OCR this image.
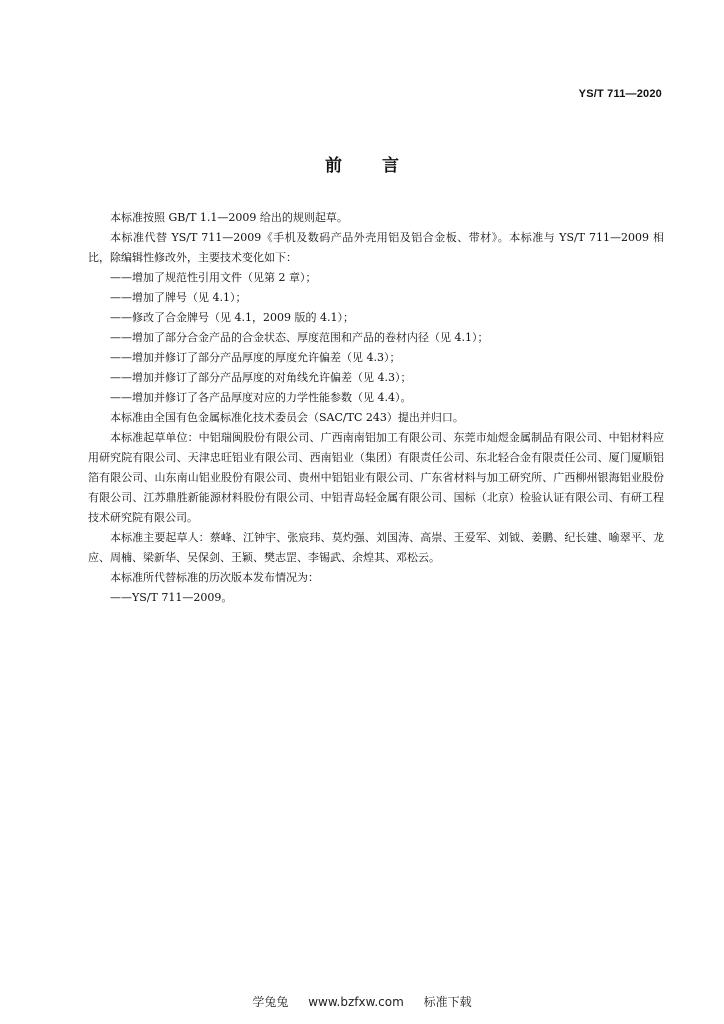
YS/T 711—2020
前言

本标准按照 GB/T 1.1—2009 给出的规则起草。

本标准代替 YS/T 711—2009《手机及数码产品外壳用铝及铝合金板、带材》。本标准与 YS/T 711—2009 相比，除编辑性修改外，主要技术变化如下：

——增加了规范性引用文件（见第 2 章）；

——增加了牌号（见 4.1）；

——修改了合金牌号（见 4.1，2009 版的 4.1）；

——增加了部分合金产品的合金状态、厚度范围和产品的卷材内径（见 4.1）；

——增加并修订了部分产品厚度的厚度允许偏差（见 4.3）；

——增加并修订了部分产品厚度的对角线允许偏差（见 4.3）；

——增加并修订了各产品厚度对应的力学性能参数（见 4.4）。

本标准由全国有色金属标准化技术委员会（SAC/TC 243）提出并归口。

本标准起草单位：中铝瑞闽股份有限公司、广西南南铝加工有限公司、东莞市灿煜金属制品有限公司、中铝材料应用研究院有限公司、天津忠旺铝业有限公司、西南铝业（集团）有限责任公司、东北轻合金有限责任公司、厦门厦顺铝箔有限公司、山东南山铝业股份有限公司、贵州中铝铝业有限公司、广东省材料与加工研究所、广西柳州银海铝业股份有限公司、江苏鼎胜新能源材料股份有限公司、中铝青岛轻金属有限公司、国标（北京）检验认证有限公司、有研工程技术研究院有限公司。

本标准主要起草人：蔡峰、江钟宇、张宸玮、莫灼强、刘国涛、高崇、王爱军、刘钺、姜鹏、纪长建、喻翠平、龙应、周楠、梁新华、吴保剑、王颖、樊志罡、李锡武、余煌其、邓松云。

本标准所代替标准的历次版本发布情况为：

——YS/T 711—2009。

学兔兔 www.bzfxw.com 标准下载
